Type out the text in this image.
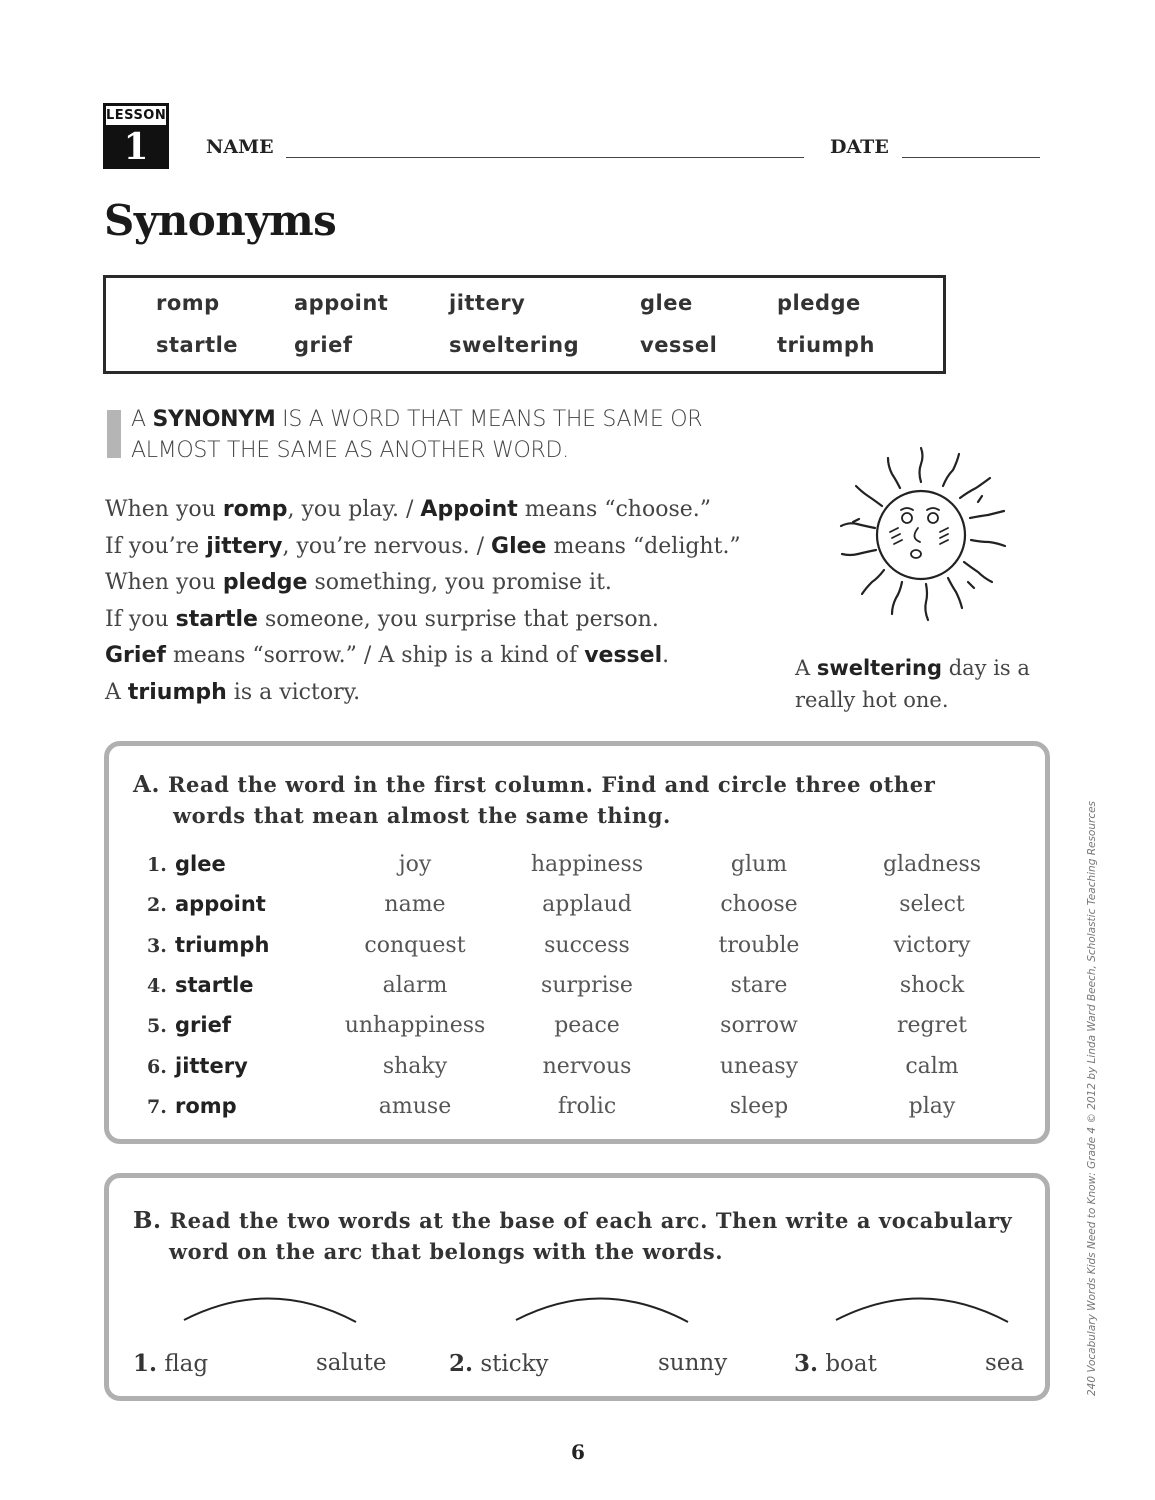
LESSON
1	NAME	DATE
Synonyms
romp	appoint	jittery	glee	pledge
startle	grief	sweltering	vessel	triumph
A SYNONYM IS A WORD THAT MEANS THE SAME OR
ALMOST THE SAME AS ANOTHER WORD.
When you romp, you play. / Appoint means “choose.”
If you’re jittery, you’re nervous. / Glee means “delight.”
When you pledge something, you promise it.
If you startle someone, you surprise that person.
Grief means “sorrow.” / A ship is a kind of vessel.
A triumph is a victory.
A sweltering day is a
really hot one.
A. Read the word in the first column. Find and circle three other
words that mean almost the same thing.
1. glee	joy	happiness	glum	gladness
2. appoint	name	applaud	choose	select
3. triumph	conquest	success	trouble	victory
4. startle	alarm	surprise	stare	shock
5. grief	unhappiness	peace	sorrow	regret
6. jittery	shaky	nervous	uneasy	calm
7. romp	amuse	frolic	sleep	play
B. Read the two words at the base of each arc. Then write a vocabulary
word on the arc that belongs with the words.
1. flag	salute	2. sticky	sunny	3. boat	sea	240 Vocabulary Words Kids Need to Know: Grade 4 © 2012 by Linda Ward Beech, Scholastic Teaching Resources
6
